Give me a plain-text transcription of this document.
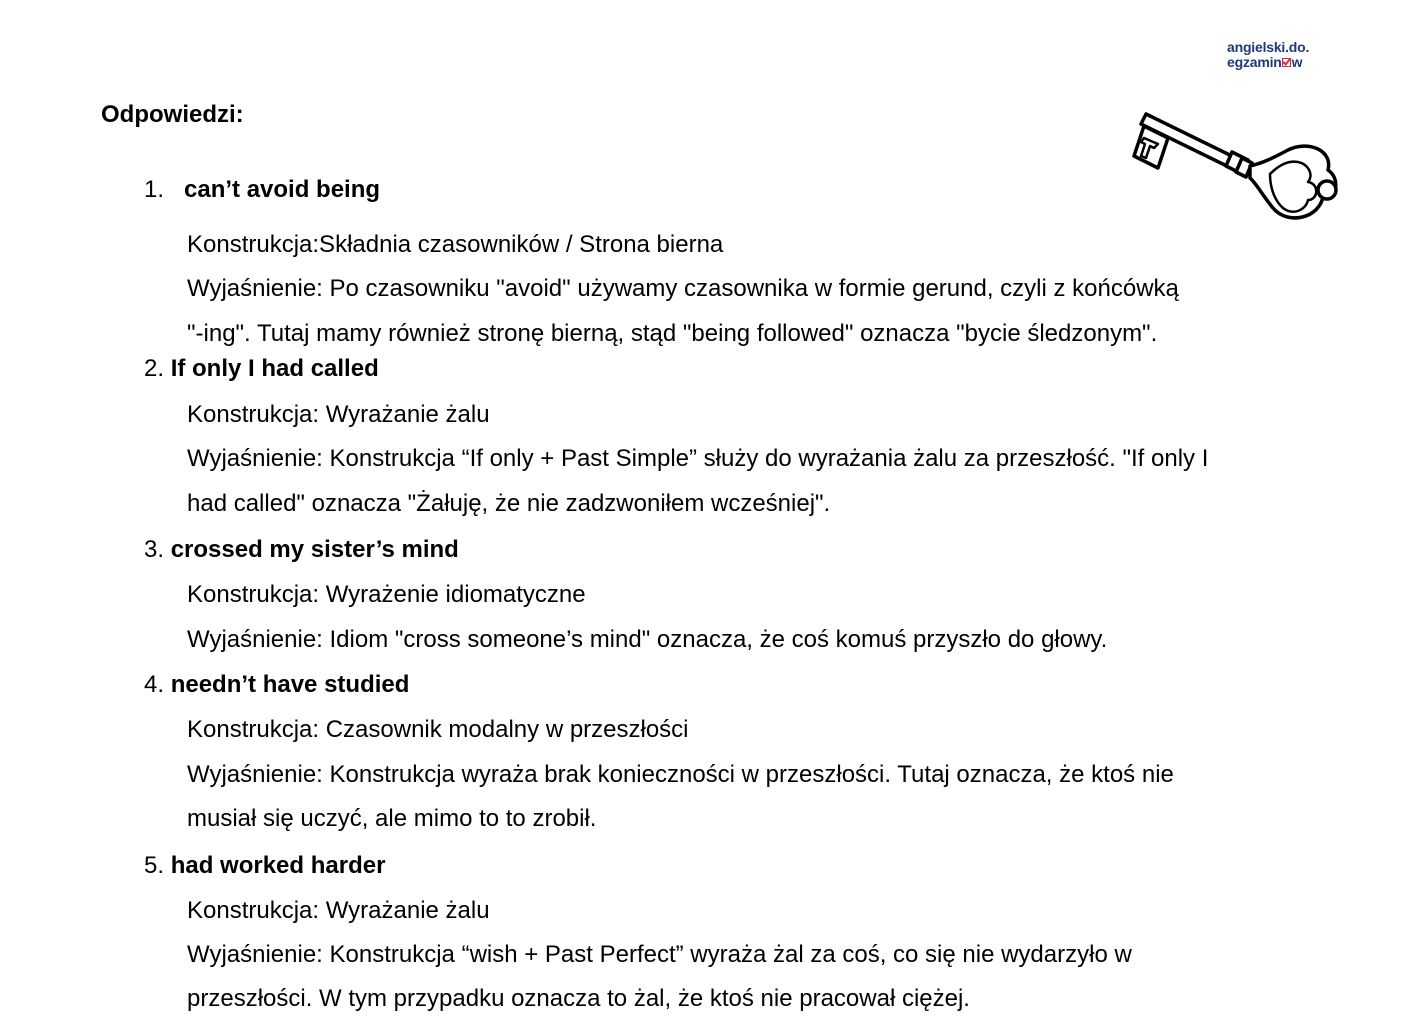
angielski.do.
egzamin w
Odpowiedzi:
1. can’t avoid being
Konstrukcja:Składnia czasowników / Strona bierna
Wyjaśnienie: Po czasowniku "avoid" używamy czasownika w formie gerund, czyli z końcówką
"-ing". Tutaj mamy również stronę bierną, stąd "being followed" oznacza "bycie śledzonym".
2. If only I had called
Konstrukcja: Wyrażanie żalu
Wyjaśnienie: Konstrukcja “If only + Past Simple” służy do wyrażania żalu za przeszłość. "If only I
had called" oznacza "Żałuję, że nie zadzwoniłem wcześniej".
3. crossed my sister’s mind
Konstrukcja: Wyrażenie idiomatyczne
Wyjaśnienie: Idiom "cross someone’s mind" oznacza, że coś komuś przyszło do głowy.
4. needn’t have studied
Konstrukcja: Czasownik modalny w przeszłości
Wyjaśnienie: Konstrukcja wyraża brak konieczności w przeszłości. Tutaj oznacza, że ktoś nie
musiał się uczyć, ale mimo to to zrobił.
5. had worked harder
Konstrukcja: Wyrażanie żalu
Wyjaśnienie: Konstrukcja “wish + Past Perfect” wyraża żal za coś, co się nie wydarzyło w
przeszłości. W tym przypadku oznacza to żal, że ktoś nie pracował ciężej.
